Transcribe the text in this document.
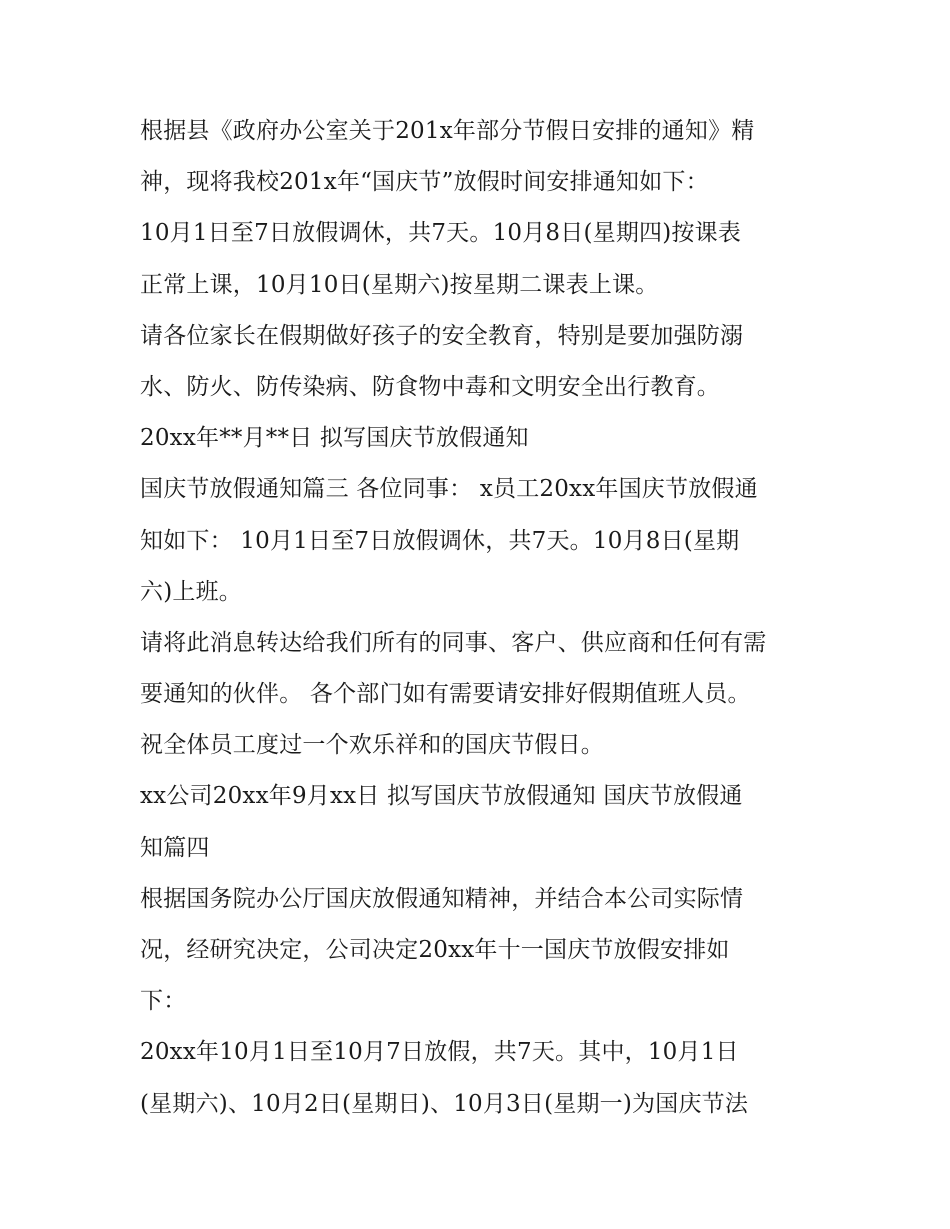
根据县《政府办公室关于201x年部分节假日安排的通知》精
神，现将我校201x年“国庆节”放假时间安排通知如下：
10月1日至7日放假调休，共7天。10月8日(星期四)按课表
正常上课，10月10日(星期六)按星期二课表上课。
请各位家长在假期做好孩子的安全教育，特别是要加强防溺
水、防火、防传染病、防食物中毒和文明安全出行教育。
20xx年**月**日 拟写国庆节放假通知
国庆节放假通知篇三 各位同事： x员工20xx年国庆节放假通
知如下： 10月1日至7日放假调休，共7天。10月8日(星期
六)上班。
请将此消息转达给我们所有的同事、客户、供应商和任何有需
要通知的伙伴。 各个部门如有需要请安排好假期值班人员。
祝全体员工度过一个欢乐祥和的国庆节假日。
xx公司20xx年9月xx日 拟写国庆节放假通知 国庆节放假通
知篇四
根据国务院办公厅国庆放假通知精神，并结合本公司实际情
况，经研究决定，公司决定20xx年十一国庆节放假安排如
下：
20xx年10月1日至10月7日放假，共7天。其中，10月1日
(星期六)、10月2日(星期日)、10月3日(星期一)为国庆节法
